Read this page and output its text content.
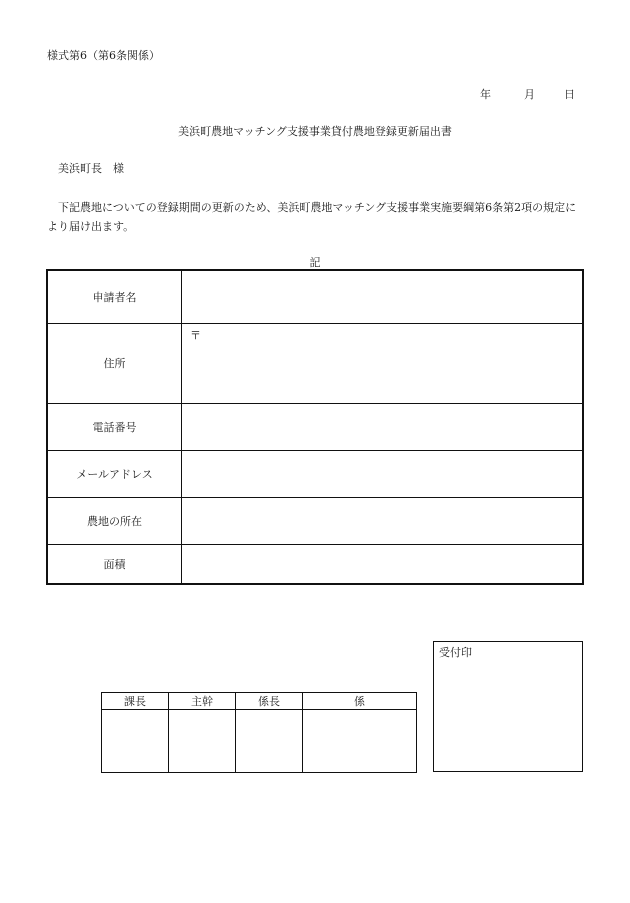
様式第6（第6条関係）
年	月	日
美浜町農地マッチング支援事業貸付農地登録更新届出書
美浜町長　様
　下記農地についての登録期間の更新のため、美浜町農地マッチング支援事業実施要綱第6条第2項の規定により届け出ます。
記
申請者名	
住所	〒

電話番号	
メールアドレス	
農地の所在	
面積	
課長	主幹	係長	係

受付印
